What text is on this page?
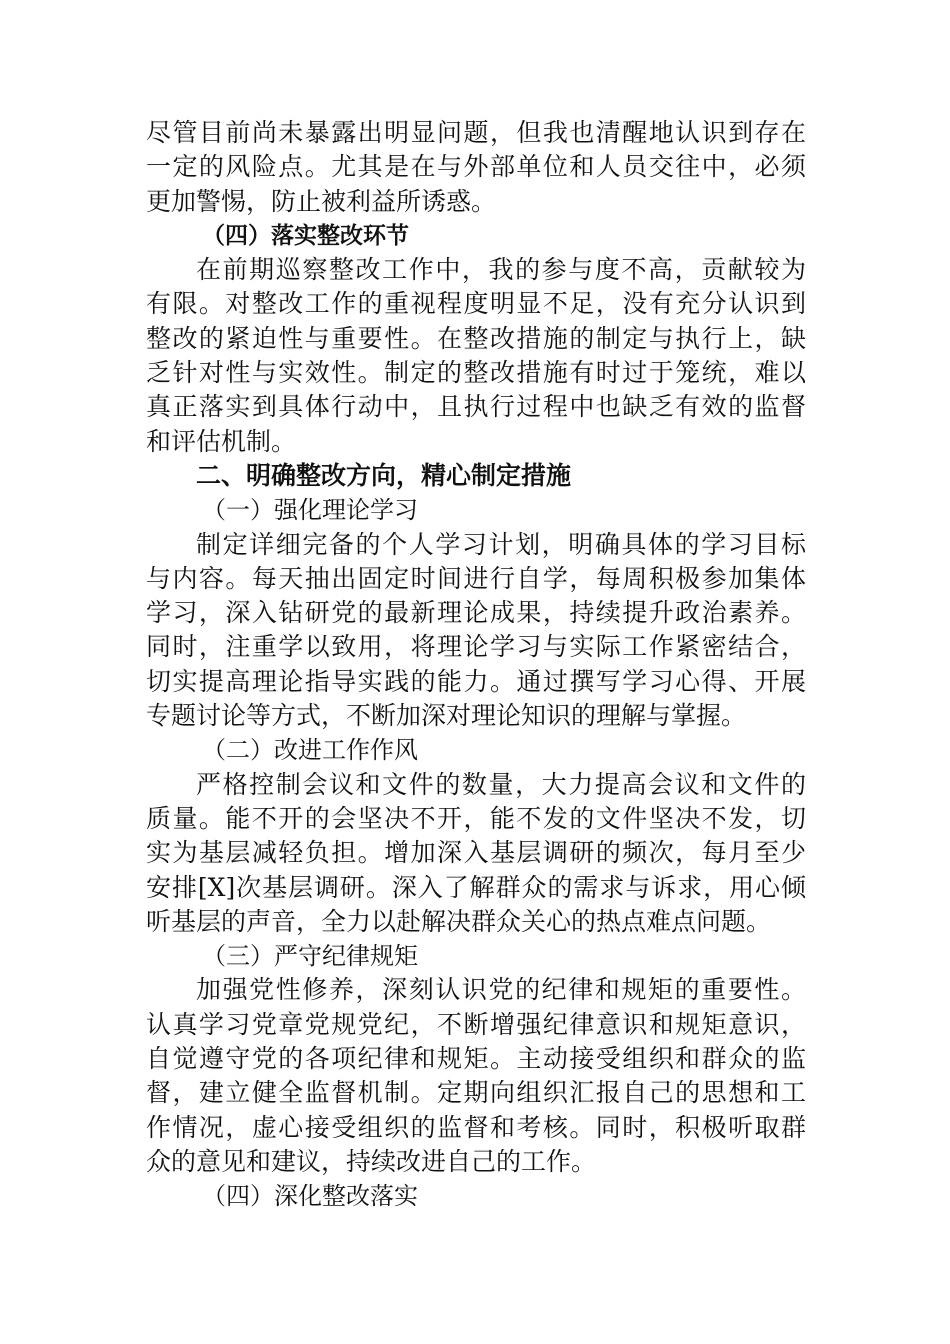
尽管目前尚未暴露出明显问题，但我也清醒地认识到存在
一定的风险点。尤其是在与外部单位和人员交往中，必须
更加警惕，防止被利益所诱惑。
（四）落实整改环节
在前期巡察整改工作中，我的参与度不高，贡献较为
有限。对整改工作的重视程度明显不足，没有充分认识到
整改的紧迫性与重要性。在整改措施的制定与执行上，缺
乏针对性与实效性。制定的整改措施有时过于笼统，难以
真正落实到具体行动中，且执行过程中也缺乏有效的监督
和评估机制。
二、明确整改方向，精心制定措施
（一）强化理论学习
制定详细完备的个人学习计划，明确具体的学习目标
与内容。每天抽出固定时间进行自学，每周积极参加集体
学习，深入钻研党的最新理论成果，持续提升政治素养。
同时，注重学以致用，将理论学习与实际工作紧密结合，
切实提高理论指导实践的能力。通过撰写学习心得、开展
专题讨论等方式，不断加深对理论知识的理解与掌握。
（二）改进工作作风
严格控制会议和文件的数量，大力提高会议和文件的
质量。能不开的会坚决不开，能不发的文件坚决不发，切
实为基层减轻负担。增加深入基层调研的频次，每月至少
安排[X]次基层调研。深入了解群众的需求与诉求，用心倾
听基层的声音，全力以赴解决群众关心的热点难点问题。
（三）严守纪律规矩
加强党性修养，深刻认识党的纪律和规矩的重要性。
认真学习党章党规党纪，不断增强纪律意识和规矩意识，
自觉遵守党的各项纪律和规矩。主动接受组织和群众的监
督，建立健全监督机制。定期向组织汇报自己的思想和工
作情况，虚心接受组织的监督和考核。同时，积极听取群
众的意见和建议，持续改进自己的工作。
（四）深化整改落实
